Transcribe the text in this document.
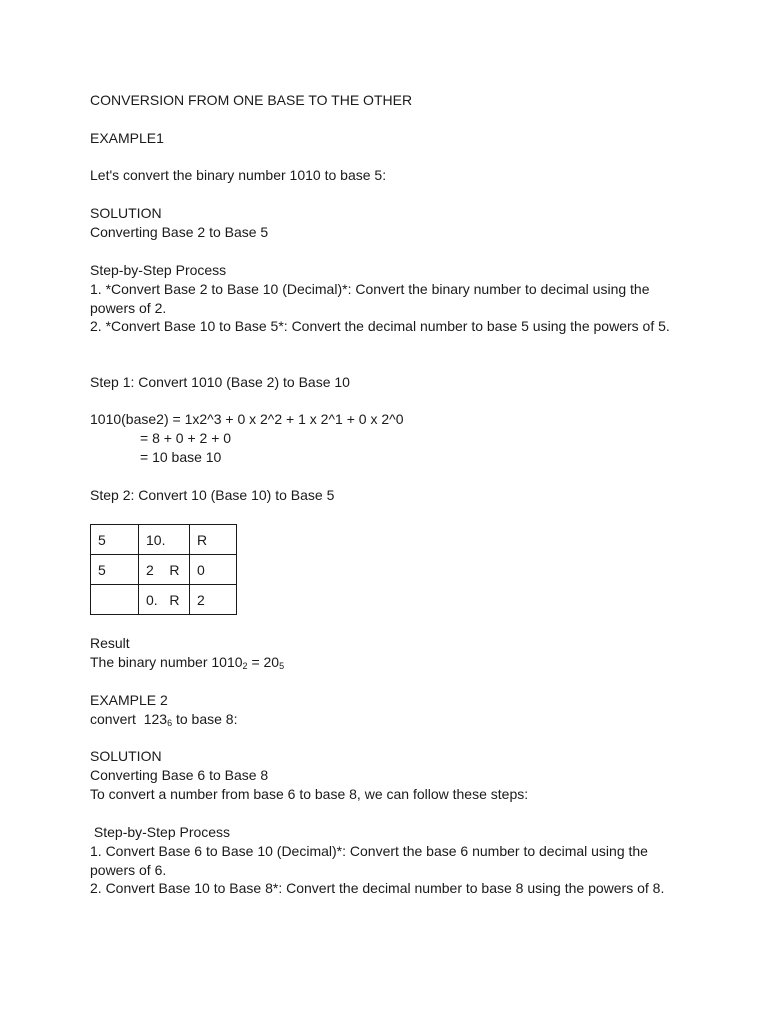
CONVERSION FROM ONE BASE TO THE OTHER
EXAMPLE1
Let's convert the binary number 1010 to base 5:
SOLUTION
Converting Base 2 to Base 5
Step-by-Step Process
1. *Convert Base 2 to Base 10 (Decimal)*: Convert the binary number to decimal using the powers of 2.
2. *Convert Base 10 to Base 5*: Convert the decimal number to base 5 using the powers of 5.
Step 1: Convert 1010 (Base 2) to Base 10
1010(base2) = 1x2^3 + 0 x 2^2 + 1 x 2^1 + 0 x 2^0
= 8 + 0 + 2 + 0
= 10 base 10
Step 2: Convert 10 (Base 10) to Base 5
5	10.	R
5	2    R	0
	0.   R	2
Result
The binary number $1010_2 = 20_5$
EXAMPLE 2
convert  $123_6$ to base 8:
SOLUTION
Converting Base 6 to Base 8
To convert a number from base 6 to base 8, we can follow these steps:
Step-by-Step Process
1. Convert Base 6 to Base 10 (Decimal)*: Convert the base 6 number to decimal using the powers of 6.
2. Convert Base 10 to Base 8*: Convert the decimal number to base 8 using the powers of 8.
